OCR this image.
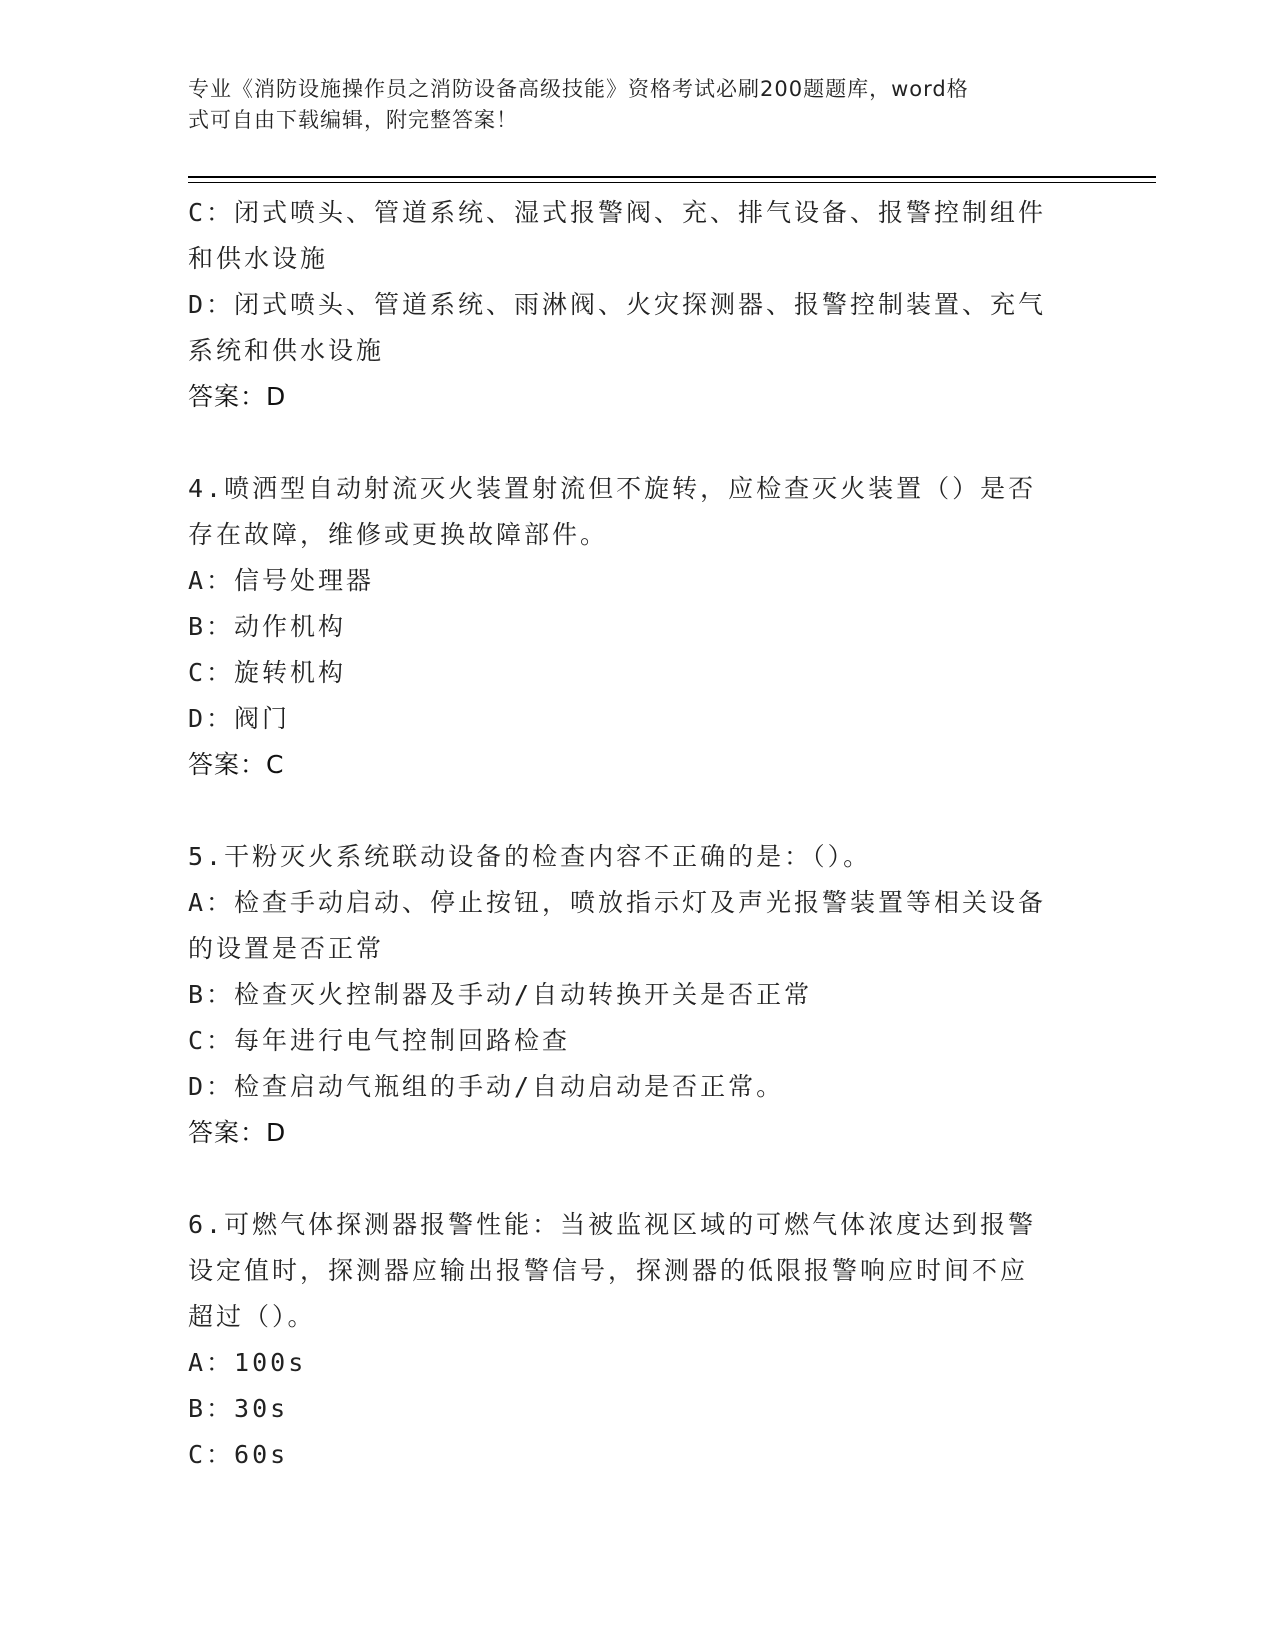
专业《消防设施操作员之消防设备高级技能》资格考试必刷200题题库，word格
式可自由下载编辑，附完整答案！
C：闭式喷头、管道系统、湿式报警阀、充、排气设备、报警控制组件
和供水设施
D：闭式喷头、管道系统、雨淋阀、火灾探测器、报警控制装置、充气
系统和供水设施
答案：D
4.喷洒型自动射流灭火装置射流但不旋转，应检查灭火装置（）是否
存在故障，维修或更换故障部件。
A：信号处理器
B：动作机构
C：旋转机构
D：阀门
答案：C
5.干粉灭火系统联动设备的检查内容不正确的是：（）。
A：检查手动启动、停止按钮，喷放指示灯及声光报警装置等相关设备
的设置是否正常
B：检查灭火控制器及手动/自动转换开关是否正常
C：每年进行电气控制回路检查
D：检查启动气瓶组的手动/自动启动是否正常。
答案：D
6.可燃气体探测器报警性能：当被监视区域的可燃气体浓度达到报警
设定值时，探测器应输出报警信号，探测器的低限报警响应时间不应
超过（）。
A：100s
B：30s
C：60s
